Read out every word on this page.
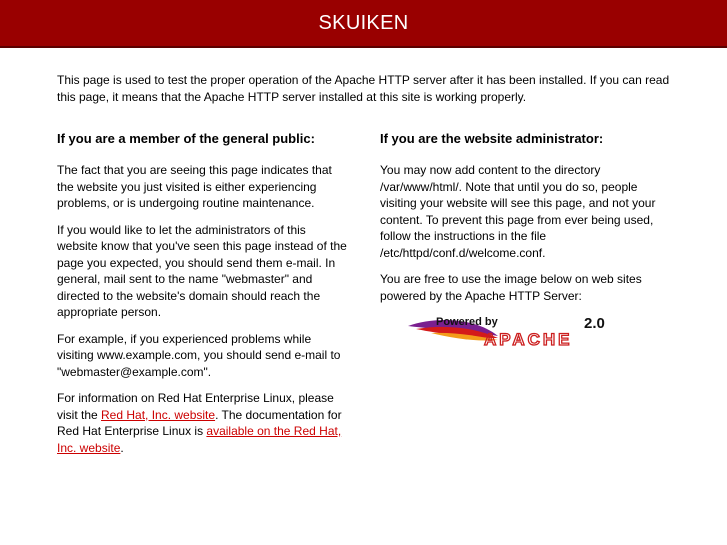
SKUIKEN

This page is used to test the proper operation of the Apache HTTP server after it has been installed. If you can read this page, it means that the Apache HTTP server installed at this site is working properly.

If you are a member of the general public:

The fact that you are seeing this page indicates that the website you just visited is either experiencing problems, or is undergoing routine maintenance.

If you would like to let the administrators of this website know that you've seen this page instead of the page you expected, you should send them e-mail. In general, mail sent to the name "webmaster" and directed to the website's domain should reach the appropriate person.

For example, if you experienced problems while visiting www.example.com, you should send e-mail to "webmaster@example.com".

For information on Red Hat Enterprise Linux, please visit the Red Hat, Inc. website. The documentation for Red Hat Enterprise Linux is available on the Red Hat, Inc. website.

If you are the website administrator:

You may now add content to the directory /var/www/html/. Note that until you do so, people visiting your website will see this page, and not your content. To prevent this page from ever being used, follow the instructions in the file /etc/httpd/conf.d/welcome.conf.

You are free to use the image below on web sites powered by the Apache HTTP Server:

Powered by
APACHE
2.0
